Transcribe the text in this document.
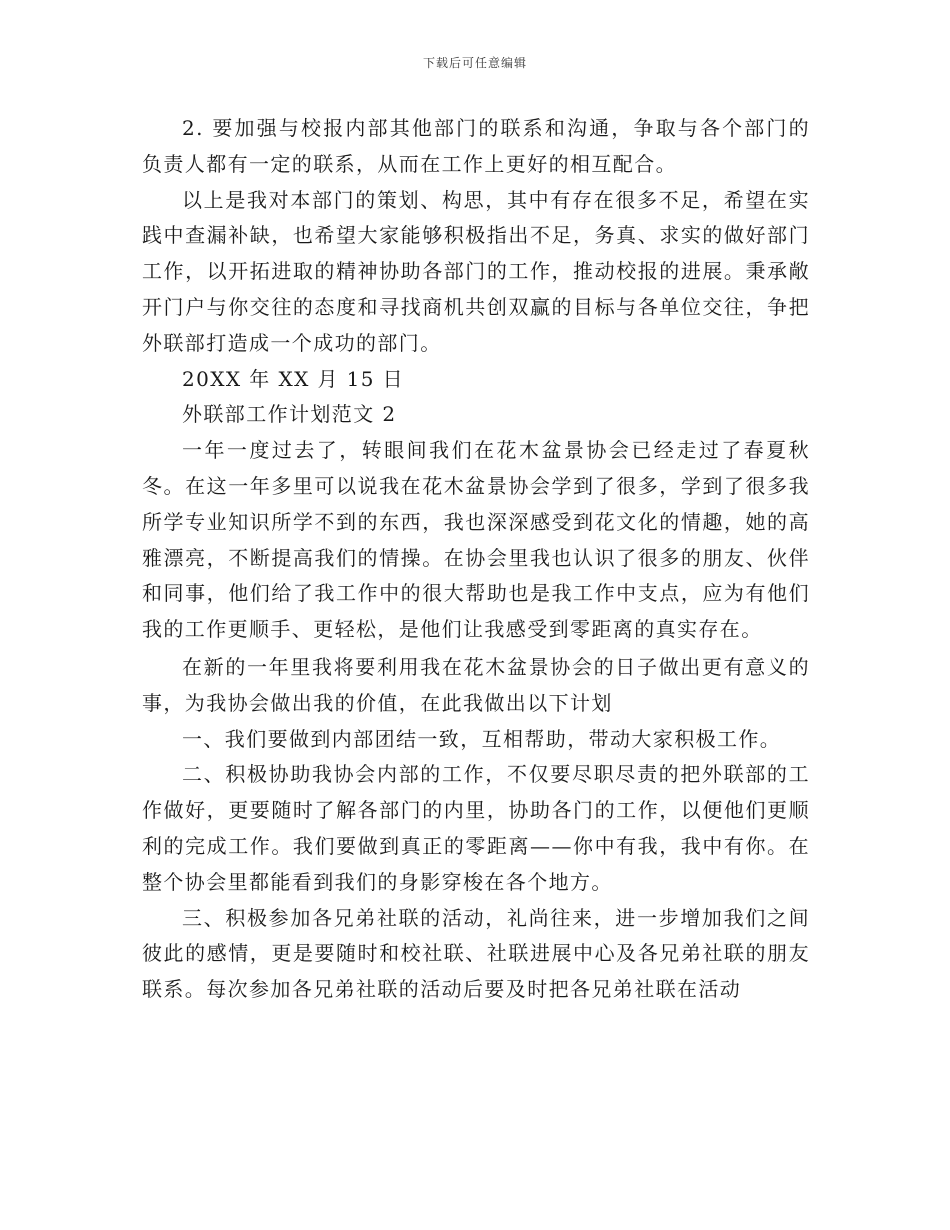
下载后可任意编辑

2. 要加强与校报内部其他部门的联系和沟通，争取与各个部门的负责人都有一定的联系，从而在工作上更好的相互配合。

以上是我对本部门的策划、构思，其中有存在很多不足，希望在实践中查漏补缺，也希望大家能够积极指出不足，务真、求实的做好部门工作，以开拓进取的精神协助各部门的工作，推动校报的进展。秉承敞开门户与你交往的态度和寻找商机共创双赢的目标与各单位交往，争把外联部打造成一个成功的部门。

20XX 年 XX 月 15 日

外联部工作计划范文 2

一年一度过去了，转眼间我们在花木盆景协会已经走过了春夏秋冬。在这一年多里可以说我在花木盆景协会学到了很多，学到了很多我所学专业知识所学不到的东西，我也深深感受到花文化的情趣，她的高雅漂亮，不断提高我们的情操。在协会里我也认识了很多的朋友、伙伴和同事，他们给了我工作中的很大帮助也是我工作中支点，应为有他们我的工作更顺手、更轻松，是他们让我感受到零距离的真实存在。

在新的一年里我将要利用我在花木盆景协会的日子做出更有意义的事，为我协会做出我的价值，在此我做出以下计划

一、我们要做到内部团结一致，互相帮助，带动大家积极工作。

二、积极协助我协会内部的工作，不仅要尽职尽责的把外联部的工作做好，更要随时了解各部门的内里，协助各门的工作，以便他们更顺利的完成工作。我们要做到真正的零距离——你中有我，我中有你。在整个协会里都能看到我们的身影穿梭在各个地方。

三、积极参加各兄弟社联的活动，礼尚往来，进一步增加我们之间彼此的感情，更是要随时和校社联、社联进展中心及各兄弟社联的朋友联系。每次参加各兄弟社联的活动后要及时把各兄弟社联在活动
